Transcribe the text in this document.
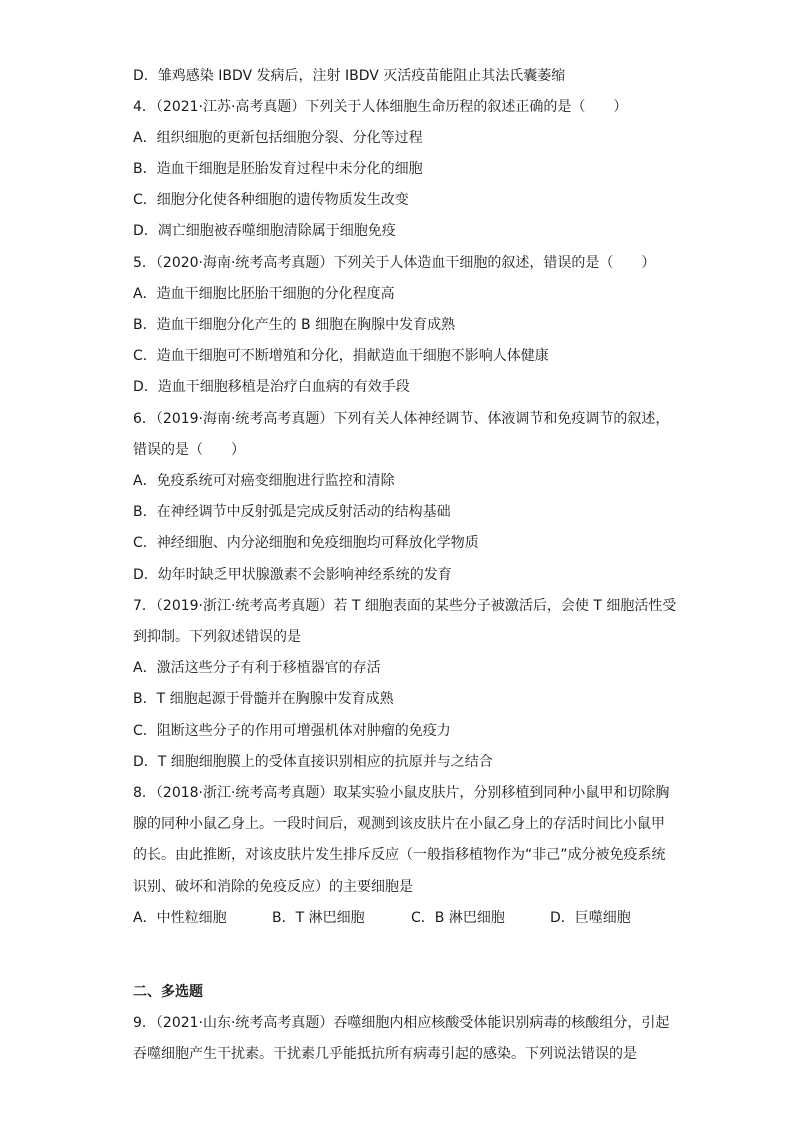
D．雏鸡感染 IBDV 发病后，注射 IBDV 灭活疫苗能阻止其法氏囊萎缩
4．（2021·江苏·高考真题）下列关于人体细胞生命历程的叙述正确的是（　　）
A．组织细胞的更新包括细胞分裂、分化等过程
B．造血干细胞是胚胎发育过程中未分化的细胞
C．细胞分化使各种细胞的遗传物质发生改变
D．凋亡细胞被吞噬细胞清除属于细胞免疫
5．（2020·海南·统考高考真题）下列关于人体造血干细胞的叙述，错误的是（　　）
A．造血干细胞比胚胎干细胞的分化程度高
B．造血干细胞分化产生的 B 细胞在胸腺中发育成熟
C．造血干细胞可不断增殖和分化，捐献造血干细胞不影响人体健康
D．造血干细胞移植是治疗白血病的有效手段
6．（2019·海南·统考高考真题）下列有关人体神经调节、体液调节和免疫调节的叙述，
错误的是（　　）
A．免疫系统可对癌变细胞进行监控和清除
B．在神经调节中反射弧是完成反射活动的结构基础
C．神经细胞、内分泌细胞和免疫细胞均可释放化学物质
D．幼年时缺乏甲状腺激素不会影响神经系统的发育
7．（2019·浙江·统考高考真题）若 T 细胞表面的某些分子被激活后，会使 T 细胞活性受
到抑制。下列叙述错误的是
A．激活这些分子有利于移植器官的存活
B．T 细胞起源于骨髓并在胸腺中发育成熟
C．阻断这些分子的作用可增强机体对肿瘤的免疫力
D．T 细胞细胞膜上的受体直接识别相应的抗原并与之结合
8．（2018·浙江·统考高考真题）取某实验小鼠皮肤片，分别移植到同种小鼠甲和切除胸
腺的同种小鼠乙身上。一段时间后，观测到该皮肤片在小鼠乙身上的存活时间比小鼠甲
的长。由此推断，对该皮肤片发生排斥反应（一般指移植物作为“非己”成分被免疫系统
识别、破坏和消除的免疫反应）的主要细胞是
A．中性粒细胞	B．T 淋巴细胞	C．B 淋巴细胞	D．巨噬细胞
二、多选题
9．（2021·山东·统考高考真题）吞噬细胞内相应核酸受体能识别病毒的核酸组分，引起
吞噬细胞产生干扰素。干扰素几乎能抵抗所有病毒引起的感染。下列说法错误的是
